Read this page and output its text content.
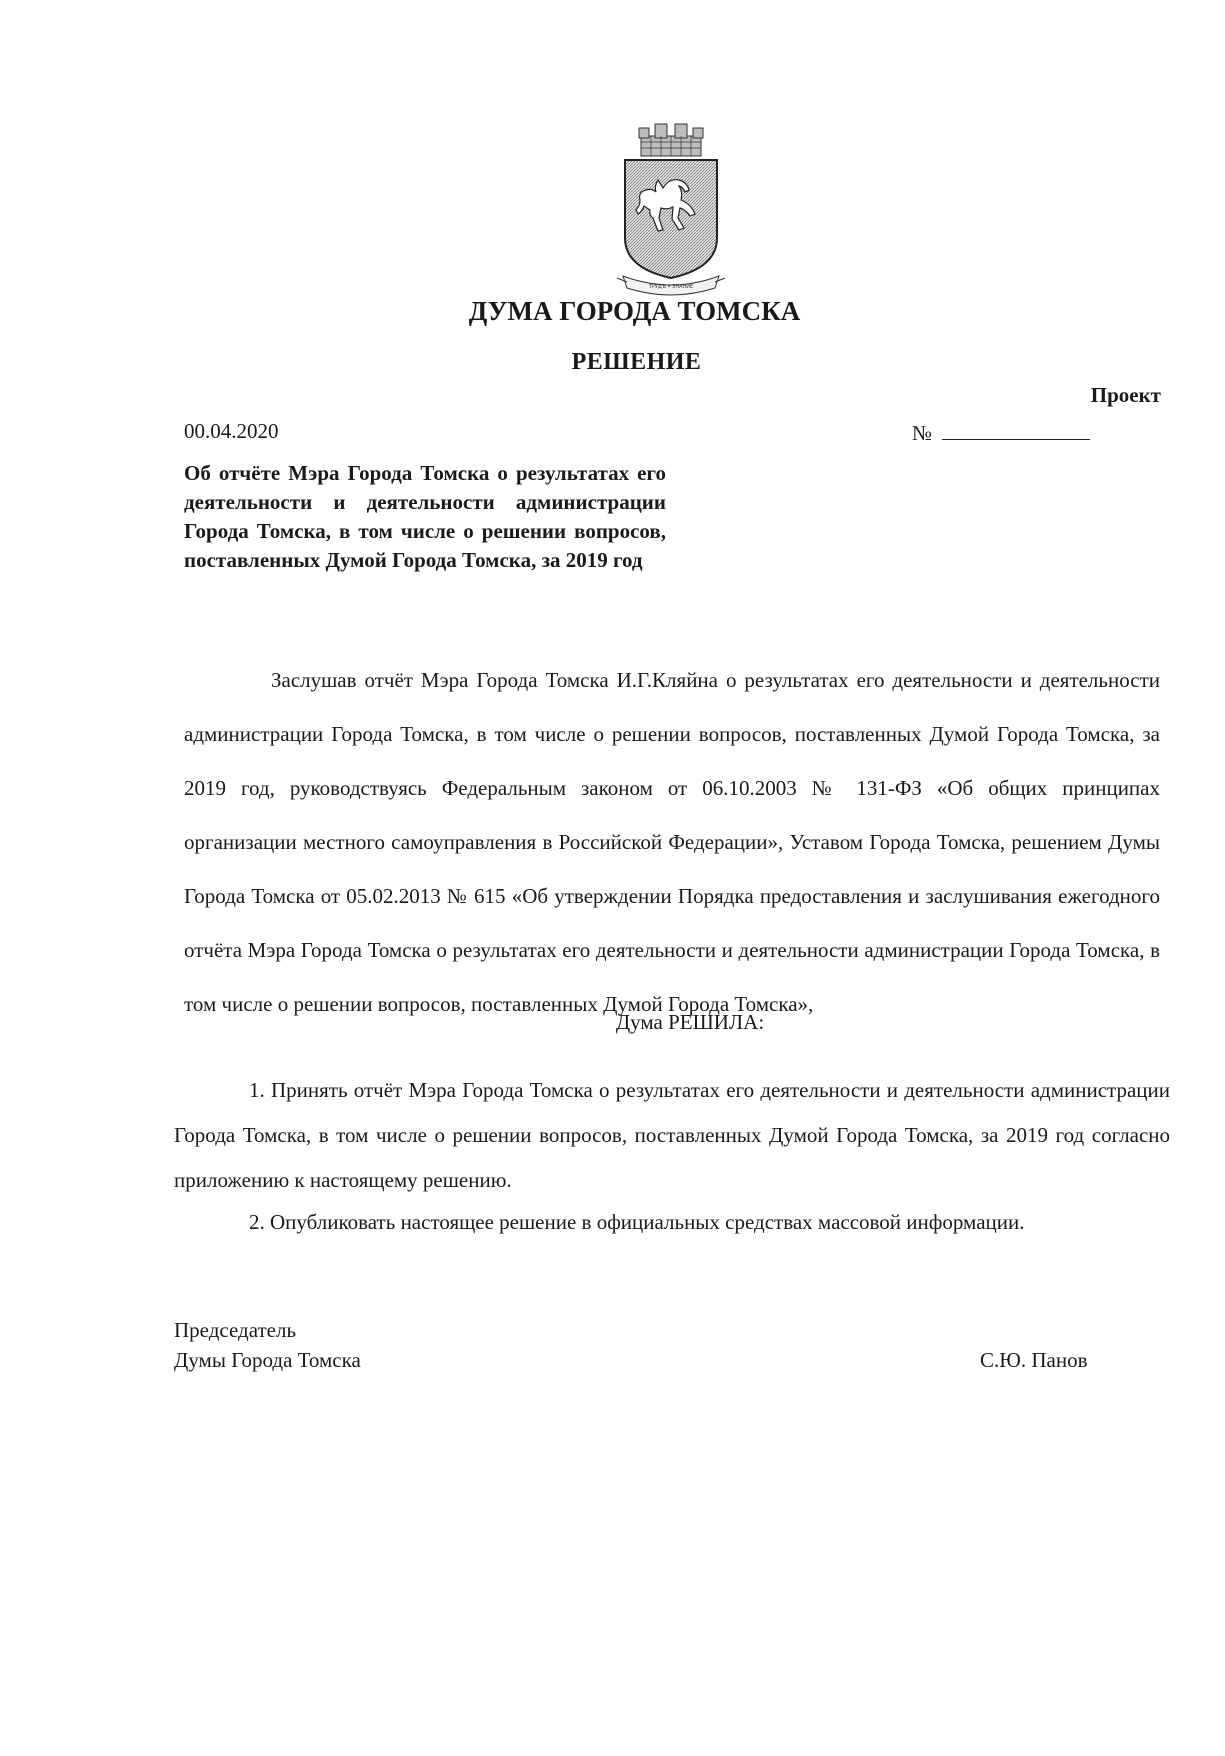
ТРУДЪ • ЗНАНИЕ
ДУМА ГОРОДА ТОМСКА
РЕШЕНИЕ
Проект
00.04.2020	№

Об отчёте Мэра Города Томска о результатах его деятельности и деятельности администрации Города Томска, в том числе о решении вопросов, поставленных Думой Города Томска, за 2019 год

Заслушав отчёт Мэра Города Томска И.Г.Кляйна о результатах его деятельности и деятельности администрации Города Томска, в том числе о решении вопросов, поставленных Думой Города Томска, за 2019 год, руководствуясь Федеральным законом от 06.10.2003 № 131-ФЗ «Об общих принципах организации местного самоуправления в Российской Федерации», Уставом Города Томска, решением Думы Города Томска от 05.02.2013 № 615 «Об утверждении Порядка предоставления и заслушивания ежегодного отчёта Мэра Города Томска о результатах его деятельности и деятельности администрации Города Томска, в том числе о решении вопросов, поставленных Думой Города Томска»,

Дума РЕШИЛА:

1. Принять отчёт Мэра Города Томска о результатах его деятельности и деятельности администрации Города Томска, в том числе о решении вопросов, поставленных Думой Города Томска, за 2019 год согласно приложению к настоящему решению.

2. Опубликовать настоящее решение в официальных средствах массовой информации.

Председатель
Думы Города Томска	С.Ю. Панов
